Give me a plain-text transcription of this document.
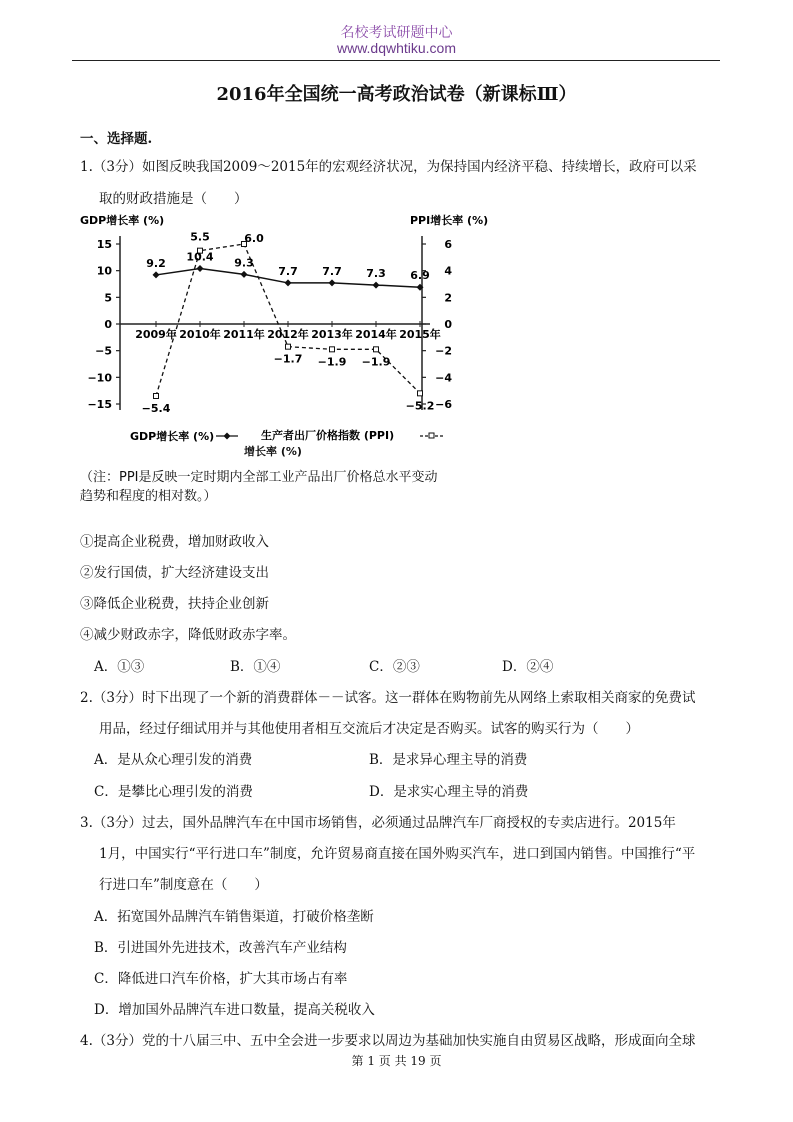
名校考试研题中心
www.dqwhtiku.com
2016年全国统一高考政治试卷（新课标Ⅲ）
一、选择题.
1.（3分）如图反映我国2009～2015年的宏观经济状况，为保持国内经济平稳、持续增长，政府可以采
取的财政措施是（　　）
GDP增长率 (%)	PPI增长率 (%)
15
10
5
0
−5
−10
−15
6
4
2
0
−2
−4
−6
2009年 2010年 2011年 2012年 2013年 2014年 2015年
−5.4
5.5	6.0
−1.7 −1.9 −1.9
−5.2
9.2 10.4 9.3
7.7 7.7 7.3 6.9
GDP增长率 (%)	生产者出厂价格指数 (PPI)
增长率 (%)
（注：PPI是反映一定时期内全部工业产品出厂价格总水平变动
趋势和程度的相对数。）
①提高企业税费，增加财政收入
②发行国债，扩大经济建设支出
③降低企业税费，扶持企业创新
④减少财政赤字，降低财政赤字率。
A．①③	B．①④	C．②③	D．②④
2.（3分）时下出现了一个新的消费群体－－试客。这一群体在购物前先从网络上索取相关商家的免费试
用品，经过仔细试用并与其他使用者相互交流后才决定是否购买。试客的购买行为（　　）
A．是从众心理引发的消费	B．是求异心理主导的消费
C．是攀比心理引发的消费	D．是求实心理主导的消费
3.（3分）过去，国外品牌汽车在中国市场销售，必须通过品牌汽车厂商授权的专卖店进行。2015年
1月，中国实行“平行进口车”制度，允许贸易商直接在国外购买汽车，进口到国内销售。中国推行“平
行进口车”制度意在（　　）
A．拓宽国外品牌汽车销售渠道，打破价格垄断
B．引进国外先进技术，改善汽车产业结构
C．降低进口汽车价格，扩大其市场占有率
D．增加国外品牌汽车进口数量，提高关税收入
4.（3分）党的十八届三中、五中全会进一步要求以周边为基础加快实施自由贸易区战略，形成面向全球
第 1 页 共 19 页
